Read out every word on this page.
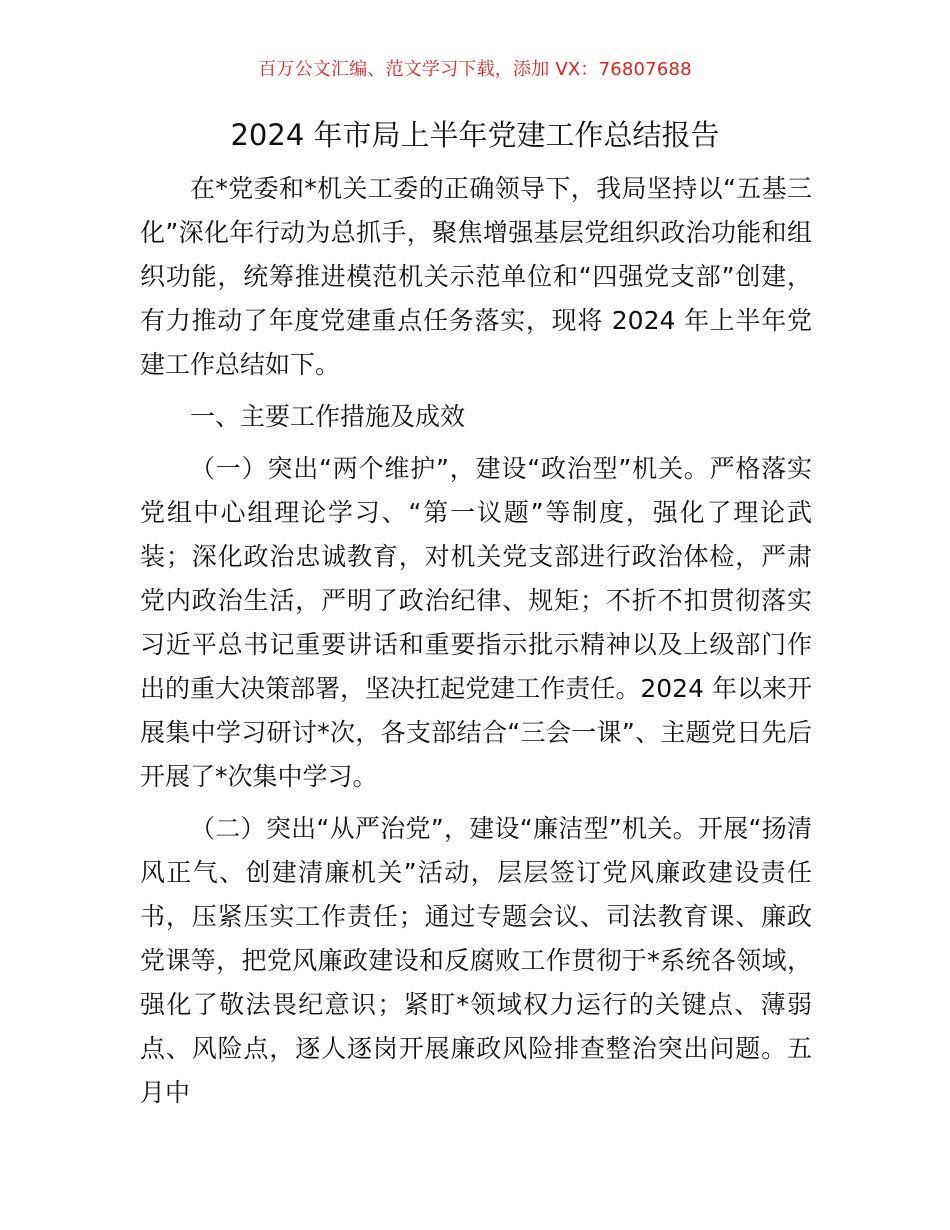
百万公文汇编、范文学习下载，添加 VX：76807688
2024 年市局上半年党建工作总结报告

在*党委和*机关工委的正确领导下，我局坚持以“五基三化”深化年行动为总抓手，聚焦增强基层党组织政治功能和组织功能，统筹推进模范机关示范单位和“四强党支部”创建，有力推动了年度党建重点任务落实，现将 2024 年上半年党建工作总结如下。

一、主要工作措施及成效

（一）突出“两个维护”，建设“政治型”机关。严格落实党组中心组理论学习、“第一议题”等制度，强化了理论武装；深化政治忠诚教育，对机关党支部进行政治体检，严肃党内政治生活，严明了政治纪律、规矩；不折不扣贯彻落实习近平总书记重要讲话和重要指示批示精神以及上级部门作出的重大决策部署，坚决扛起党建工作责任。2024 年以来开展集中学习研讨*次，各支部结合“三会一课”、主题党日先后开展了*次集中学习。

（二）突出“从严治党”，建设“廉洁型”机关。开展“扬清风正气、创建清廉机关”活动，层层签订党风廉政建设责任书，压紧压实工作责任；通过专题会议、司法教育课、廉政党课等，把党风廉政建设和反腐败工作贯彻于*系统各领域，强化了敬法畏纪意识；紧盯*领域权力运行的关键点、薄弱点、风险点，逐人逐岗开展廉政风险排查整治突出问题。五月中
